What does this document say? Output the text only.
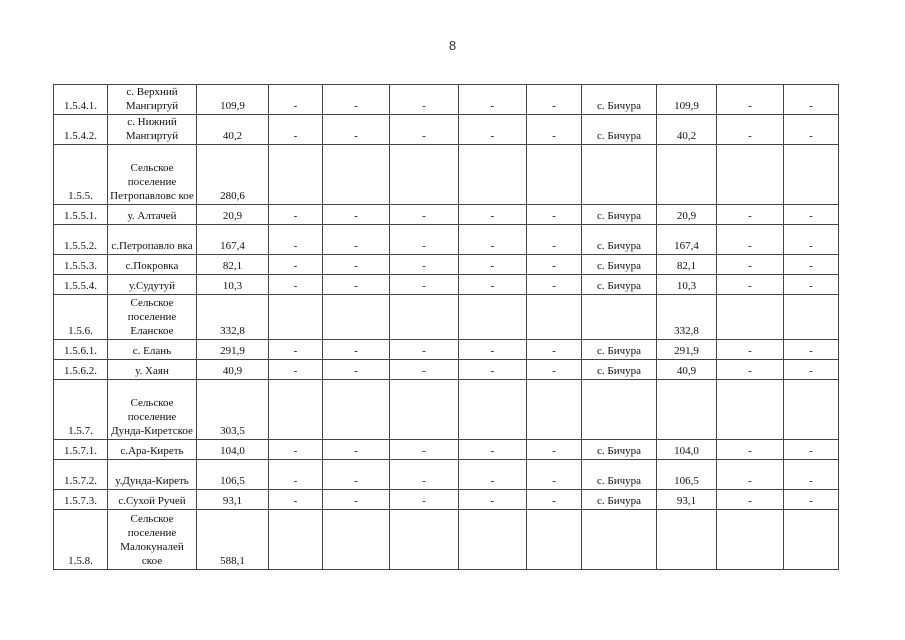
8
1.5.4.1.	с. Верхний Мангиртуй	109,9	-	-	-	-	-	с. Бичура	109,9	-	-
1.5.4.2.	с. Нижний Мангиртуй	40,2	-	-	-	-	-	с. Бичура	40,2	-	-
1.5.5.	Сельское поселение Петропавловс кое	280,6									
1.5.5.1.	у. Алтачей	20,9	-	-	-	-	-	с. Бичура	20,9	-	-
1.5.5.2.	с.Петропавло вка	167,4	-	-	-	-	-	с. Бичура	167,4	-	-
1.5.5.3.	с.Покровка	82,1	-	-	-	-	-	с. Бичура	82,1	-	-
1.5.5.4.	у.Судутуй	10,3	-	-	-	-	-	с. Бичура	10,3	-	-
1.5.6.	Сельское поселение Еланское	332,8							332,8		
1.5.6.1.	с. Елань	291,9	-	-	-	-	-	с. Бичура	291,9	-	-
1.5.6.2.	у. Хаян	40,9	-	-	-	-	-	с. Бичура	40,9	-	-
1.5.7.	Сельское поселение Дунда-Киретское	303,5									
1.5.7.1.	с.Ара-Киреть	104,0	-	-	-	-	-	с. Бичура	104,0	-	-
1.5.7.2.	у.Дунда-Киреть	106,5	-	-	-	-	-	с. Бичура	106,5	-	-
1.5.7.3.	с.Сухой Ручей	93,1	-	-	-	-	-	с. Бичура	93,1	-	-
1.5.8.	Сельское поселение Малокуналей ское	588,1									
